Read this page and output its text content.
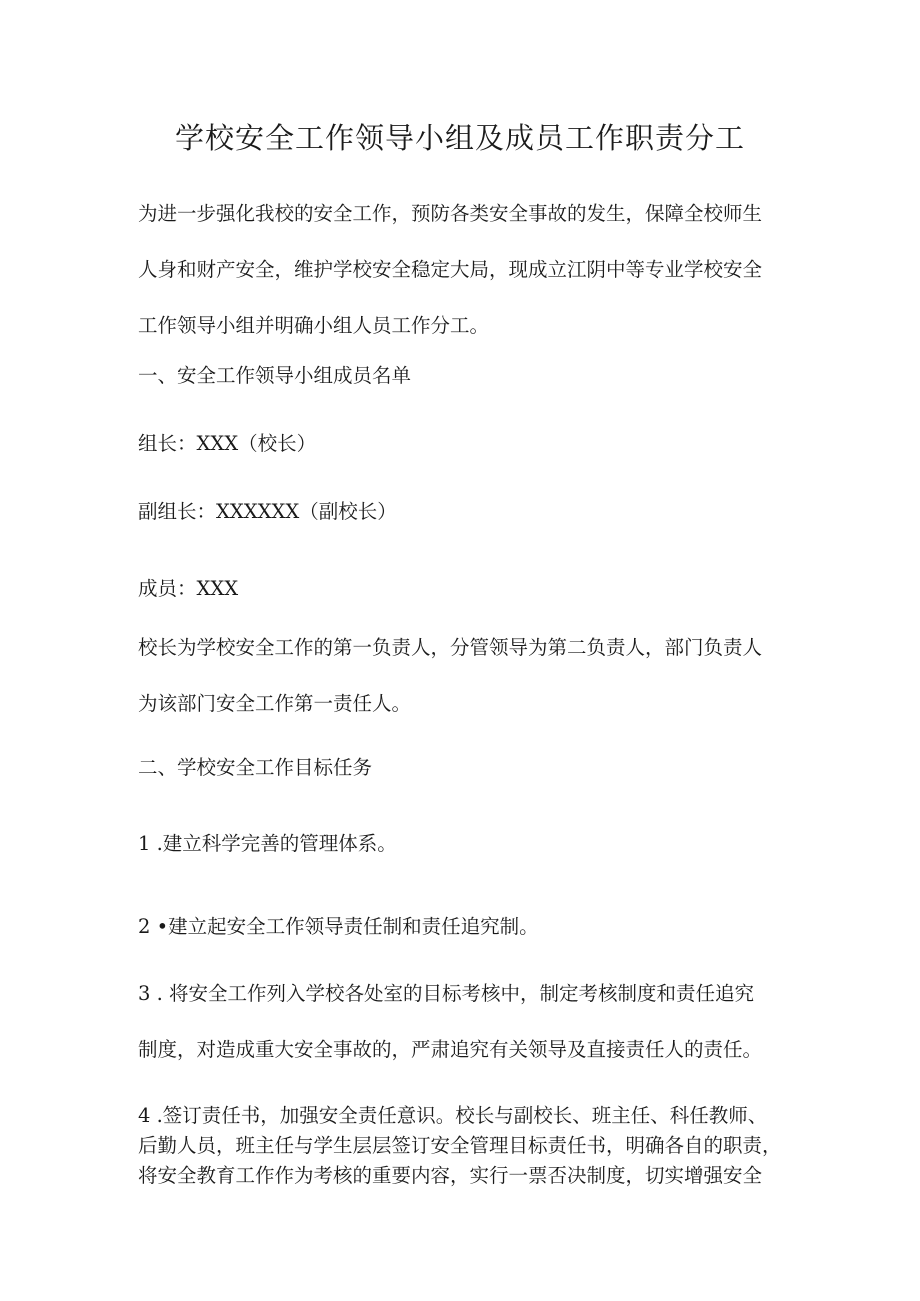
学校安全工作领导小组及成员工作职责分工
为进一步强化我校的安全工作，预防各类安全事故的发生，保障全校师生
人身和财产安全，维护学校安全稳定大局，现成立江阴中等专业学校安全
工作领导小组并明确小组人员工作分工。
一、安全工作领导小组成员名单
组长：XXX（校长）
副组长：XXXXXX（副校长）
成员：XXX
校长为学校安全工作的第一负责人，分管领导为第二负责人，部门负责人
为该部门安全工作第一责任人。
二、学校安全工作目标任务
1 .建立科学完善的管理体系。
2 •建立起安全工作领导责任制和责任追究制。
3 . 将安全工作列入学校各处室的目标考核中，制定考核制度和责任追究
制度，对造成重大安全事故的，严肃追究有关领导及直接责任人的责任。
4 .签订责任书，加强安全责任意识。校长与副校长、班主任、科任教师、
后勤人员，班主任与学生层层签订安全管理目标责任书，明确各自的职责，
将安全教育工作作为考核的重要内容，实行一票否决制度，切实增强安全
